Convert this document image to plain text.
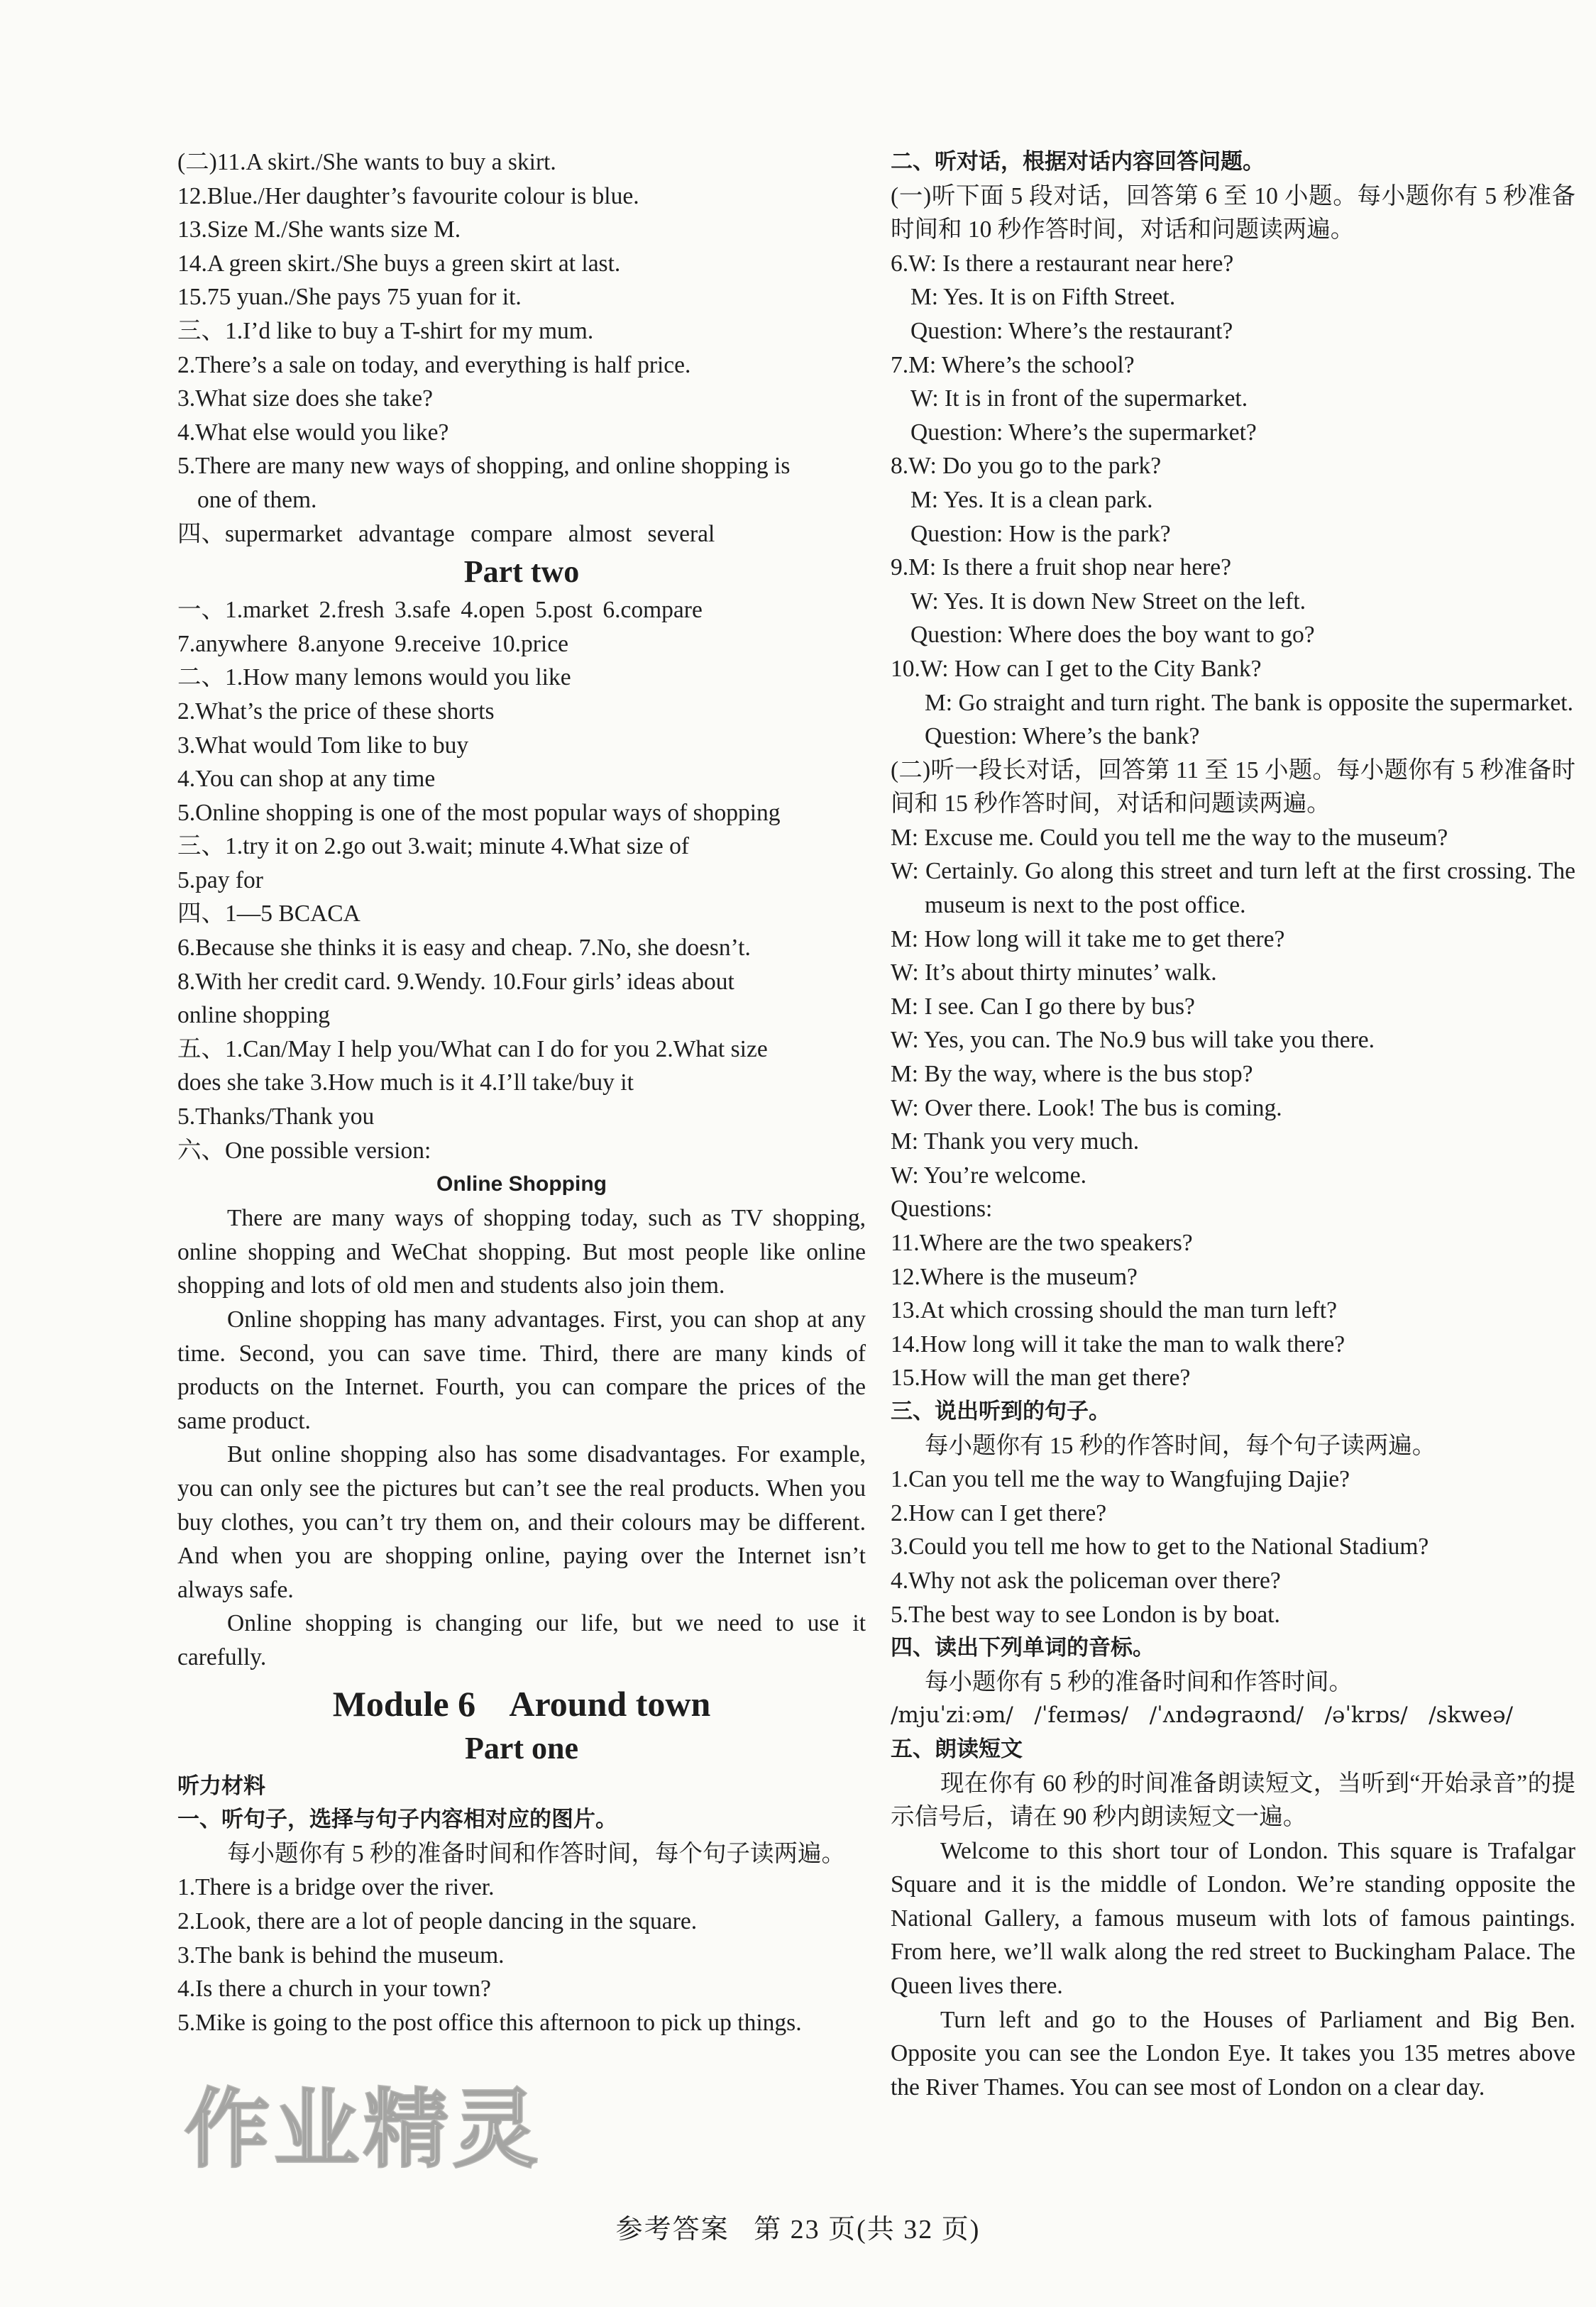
(二)11.A skirt./She wants to buy a skirt.
12.Blue./Her daughter’s favourite colour is blue.
13.Size M./She wants size M.
14.A green skirt./She buys a green skirt at last.
15.75 yuan./She pays 75 yuan for it.
三、1.I’d like to buy a T-shirt for my mum.
2.There’s a sale on today, and everything is half price.
3.What size does she take?
4.What else would you like?
5.There are many new ways of shopping, and online shopping is
one of them.
四、supermarket advantage compare almost several
Part two
一、1.market 2.fresh 3.safe 4.open 5.post 6.compare
7.anywhere 8.anyone 9.receive 10.price
二、1.How many lemons would you like
2.What’s the price of these shorts
3.What would Tom like to buy
4.You can shop at any time
5.Online shopping is one of the most popular ways of shopping
三、1.try it on 2.go out 3.wait; minute 4.What size of
5.pay for
四、1—5 BCACA
6.Because she thinks it is easy and cheap. 7.No, she doesn’t.
8.With her credit card. 9.Wendy. 10.Four girls’ ideas about
online shopping
五、1.Can/May I help you/What can I do for you 2.What size
does she take 3.How much is it 4.I’ll take/buy it
5.Thanks/Thank you
六、One possible version:
Online Shopping
There are many ways of shopping today, such as TV shopping, online shopping and WeChat shopping. But most people like online shopping and lots of old men and students also join them.
Online shopping has many advantages. First, you can shop at any time. Second, you can save time. Third, there are many kinds of products on the Internet. Fourth, you can compare the prices of the same product.
But online shopping also has some disadvantages. For example, you can only see the pictures but can’t see the real products. When you buy clothes, you can’t try them on, and their colours may be different. And when you are shopping online, paying over the Internet isn’t always safe.
Online shopping is changing our life, but we need to use it carefully.
Module 6    Around town
Part one
听力材料
一、听句子，选择与句子内容相对应的图片。
每小题你有 5 秒的准备时间和作答时间，每个句子读两遍。
1.There is a bridge over the river.
2.Look, there are a lot of people dancing in the square.
3.The bank is behind the museum.
4.Is there a church in your town?
5.Mike is going to the post office this afternoon to pick up things.
二、听对话，根据对话内容回答问题。
(一)听下面 5 段对话，回答第 6 至 10 小题。每小题你有 5 秒准备时间和 10 秒作答时间，对话和问题读两遍。
6.W: Is there a restaurant near here?
M: Yes. It is on Fifth Street.
Question: Where’s the restaurant?
7.M: Where’s the school?
W: It is in front of the supermarket.
Question: Where’s the supermarket?
8.W: Do you go to the park?
M: Yes. It is a clean park.
Question: How is the park?
9.M: Is there a fruit shop near here?
W: Yes. It is down New Street on the left.
Question: Where does the boy want to go?
10.W: How can I get to the City Bank?
M: Go straight and turn right. The bank is opposite the supermarket.
Question: Where’s the bank?
(二)听一段长对话，回答第 11 至 15 小题。每小题你有 5 秒准备时间和 15 秒作答时间，对话和问题读两遍。
M: Excuse me. Could you tell me the way to the museum?
W: Certainly. Go along this street and turn left at the first crossing. The museum is next to the post office.
M: How long will it take me to get there?
W: It’s about thirty minutes’ walk.
M: I see. Can I go there by bus?
W: Yes, you can. The No.9 bus will take you there.
M: By the way, where is the bus stop?
W: Over there. Look! The bus is coming.
M: Thank you very much.
W: You’re welcome.
Questions:
11.Where are the two speakers?
12.Where is the museum?
13.At which crossing should the man turn left?
14.How long will it take the man to walk there?
15.How will the man get there?
三、说出听到的句子。
每小题你有 15 秒的作答时间，每个句子读两遍。
1.Can you tell me the way to Wangfujing Dajie?
2.How can I get there?
3.Could you tell me how to get to the National Stadium?
4.Why not ask the policeman over there?
5.The best way to see London is by boat.
四、读出下列单词的音标。
每小题你有 5 秒的准备时间和作答时间。
/mjuˈziːəm/   /ˈfeɪməs/   /ˈʌndəɡraʊnd/   /əˈkrɒs/   /skweə/
五、朗读短文
现在你有 60 秒的时间准备朗读短文，当听到“开始录音”的提示信号后，请在 90 秒内朗读短文一遍。
Welcome to this short tour of London. This square is Trafalgar Square and it is the middle of London. We’re standing opposite the National Gallery, a famous museum with lots of famous paintings. From here, we’ll walk along the red street to Buckingham Palace. The Queen lives there.
Turn left and go to the Houses of Parliament and Big Ben. Opposite you can see the London Eye. It takes you 135 metres above the River Thames. You can see most of London on a clear day.
作业精灵
参考答案   第 23 页(共 32 页)
